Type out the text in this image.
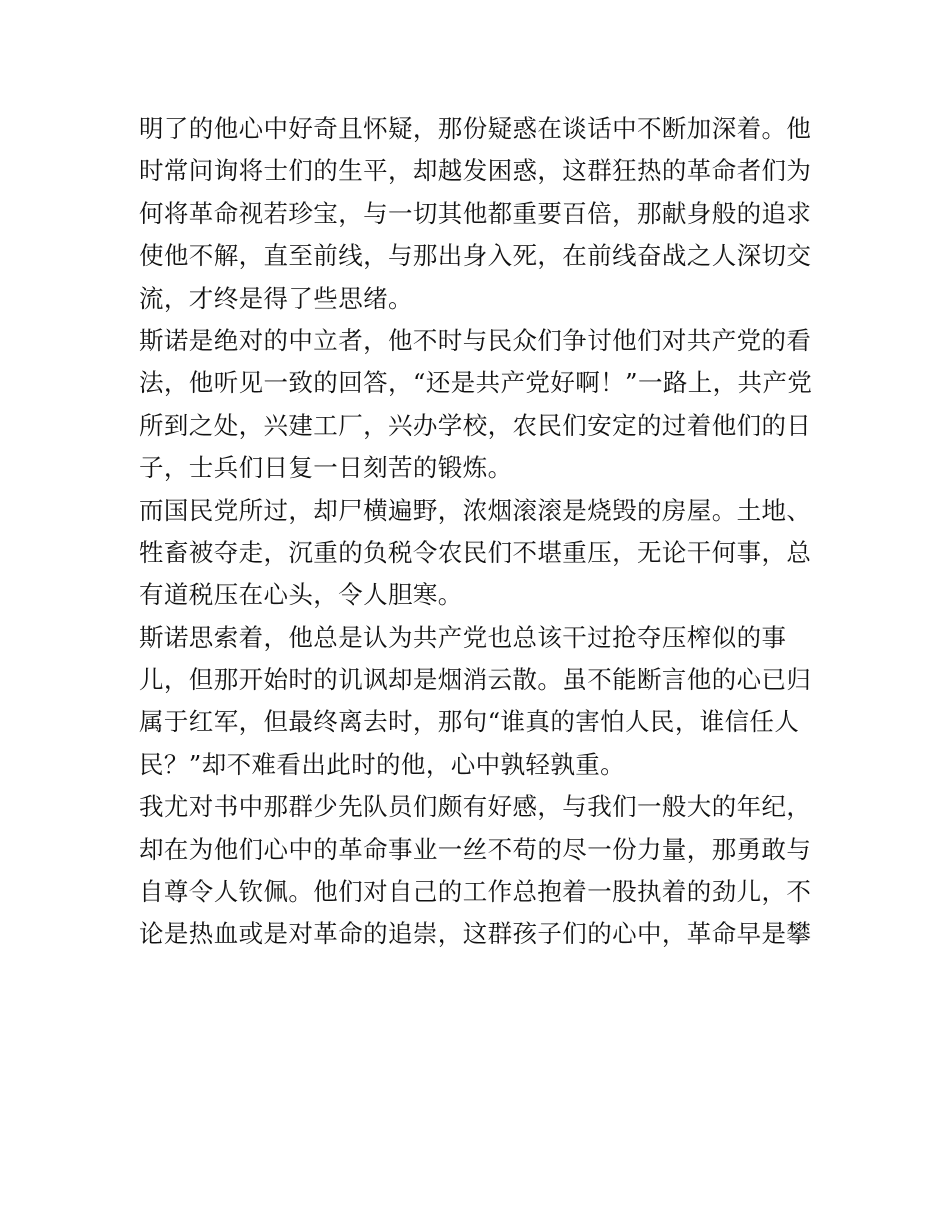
明了的他心中好奇且怀疑，那份疑惑在谈话中不断加深着。他
时常问询将士们的生平，却越发困惑，这群狂热的革命者们为
何将革命视若珍宝，与一切其他都重要百倍，那献身般的追求
使他不解，直至前线，与那出身入死，在前线奋战之人深切交
流，才终是得了些思绪。
斯诺是绝对的中立者，他不时与民众们争讨他们对共产党的看
法，他听见一致的回答，“还是共产党好啊！”一路上，共产党
所到之处，兴建工厂，兴办学校，农民们安定的过着他们的日
子，士兵们日复一日刻苦的锻炼。
而国民党所过，却尸横遍野，浓烟滚滚是烧毁的房屋。土地、
牲畜被夺走，沉重的负税令农民们不堪重压，无论干何事，总
有道税压在心头，令人胆寒。
斯诺思索着，他总是认为共产党也总该干过抢夺压榨似的事
儿，但那开始时的讥讽却是烟消云散。虽不能断言他的心已归
属于红军，但最终离去时，那句“谁真的害怕人民，谁信任人
民？”却不难看出此时的他，心中孰轻孰重。
我尤对书中那群少先队员们颇有好感，与我们一般大的年纪，
却在为他们心中的革命事业一丝不苟的尽一份力量，那勇敢与
自尊令人钦佩。他们对自己的工作总抱着一股执着的劲儿，不
论是热血或是对革命的追崇，这群孩子们的心中，革命早是攀
